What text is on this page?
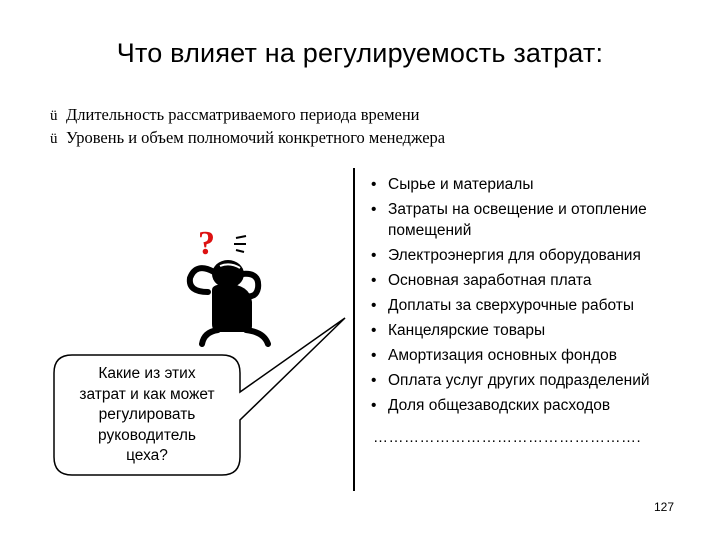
Что влияет на регулируемость затрат:
ü Длительность рассматриваемого периода времени
ü Уровень и объем полномочий конкретного менеджера
Какие из этих
затрат и как может
регулировать
руководитель
цеха?
?
• Сырье и материалы
• Затраты на освещение и отопление помещений
• Электроэнергия для оборудования
• Основная заработная плата
• Доплаты за сверхурочные работы
• Канцелярские товары
• Амортизация основных фондов
• Оплата услуг других подразделений
• Доля общезаводских расходов
…………………………………………….
127
